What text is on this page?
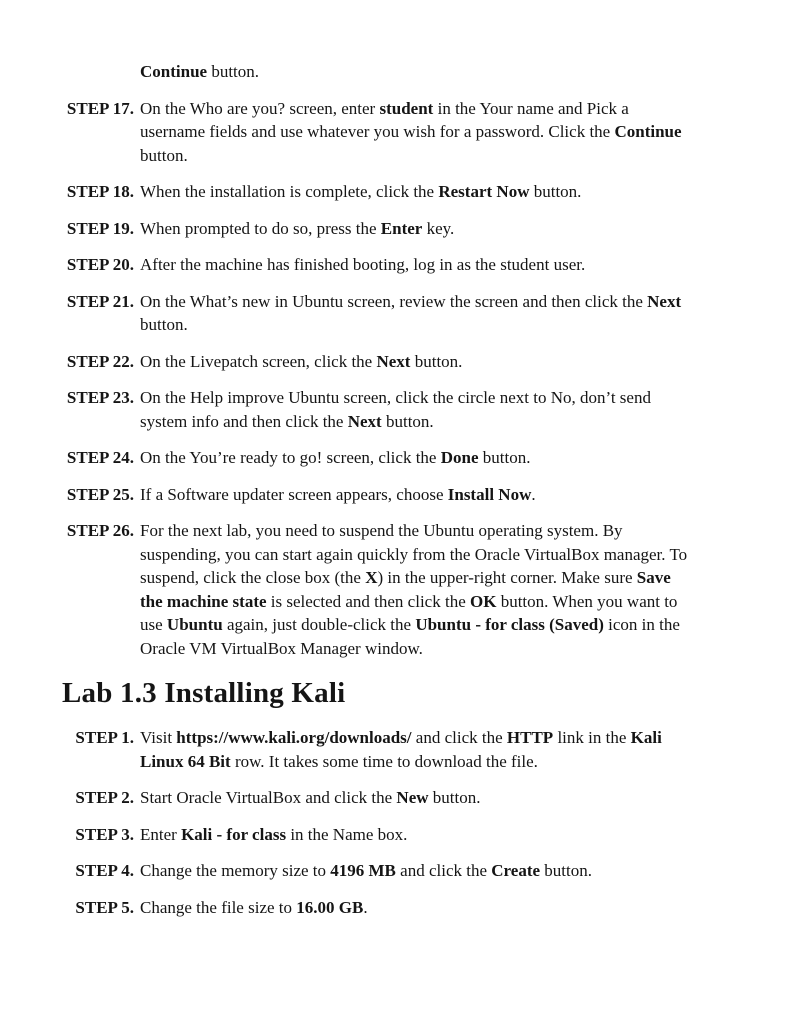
Continue button.
STEP 17. On the Who are you? screen, enter student in the Your name and Pick a username fields and use whatever you wish for a password. Click the Continue button.
STEP 18. When the installation is complete, click the Restart Now button.
STEP 19. When prompted to do so, press the Enter key.
STEP 20. After the machine has finished booting, log in as the student user.
STEP 21. On the What’s new in Ubuntu screen, review the screen and then click the Next button.
STEP 22. On the Livepatch screen, click the Next button.
STEP 23. On the Help improve Ubuntu screen, click the circle next to No, don’t send system info and then click the Next button.
STEP 24. On the You’re ready to go! screen, click the Done button.
STEP 25. If a Software updater screen appears, choose Install Now.
STEP 26. For the next lab, you need to suspend the Ubuntu operating system. By suspending, you can start again quickly from the Oracle VirtualBox manager. To suspend, click the close box (the X) in the upper-right corner. Make sure Save the machine state is selected and then click the OK button. When you want to use Ubuntu again, just double-click the Ubuntu - for class (Saved) icon in the Oracle VM VirtualBox Manager window.
Lab 1.3 Installing Kali
STEP 1. Visit https://www.kali.org/downloads/ and click the HTTP link in the Kali Linux 64 Bit row. It takes some time to download the file.
STEP 2. Start Oracle VirtualBox and click the New button.
STEP 3. Enter Kali - for class in the Name box.
STEP 4. Change the memory size to 4196 MB and click the Create button.
STEP 5. Change the file size to 16.00 GB.
